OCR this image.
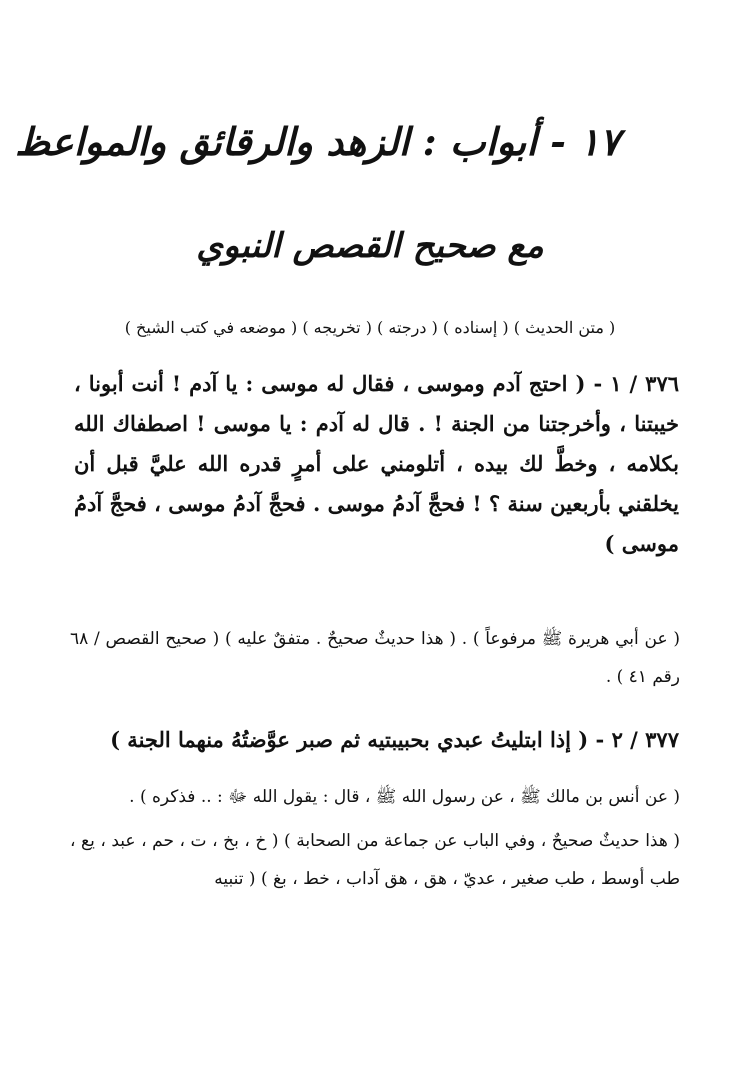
١٧ - أبواب : الزهد والرقائق والمواعظ
مع صحيح القصص النبوي
( متن الحديث ) ( إسناده ) ( درجته ) ( تخريجه ) ( موضعه في كتب الشيخ )
٣٧٦ / ١ - ( احتج آدم وموسى ، فقال له موسى : يا آدم ! أنت أبونا ، خيبتنا ، وأخرجتنا من الجنة ! . قال له آدم : يا موسى ! اصطفاك الله بكلامه ، وخطَّ لك بيده ، أتلومني على أمرٍ قدره الله عليَّ قبل أن يخلقني بأربعين سنة ؟ ! فحجَّ آدمُ موسى . فحجَّ آدمُ موسى ، فحجَّ آدمُ موسى )
( عن أبي هريرة ﷺ مرفوعاً ) . ( هذا حديثٌ صحيحٌ . متفقٌ عليه ) ( صحيح القصص / ٦٨ رقم ٤١ ) .
٣٧٧ / ٢ - ( إذا ابتليتُ عبدي بحبيبتيه ثم صبر عوَّضتُهُ منهما الجنة )
( عن أنس بن مالك ﷺ ، عن رسول الله ﷺ ، قال : يقول الله ﷻ : .. فذكره ) .
( هذا حديثٌ صحيحٌ ، وفي الباب عن جماعة من الصحابة ) ( خ ، بخ ، ت ، حم ، عبد ، يع ، طب أوسط ، طب صغير ، عديّ ، هق ، هق آداب ، خط ، بغ ) ( تنبيه
